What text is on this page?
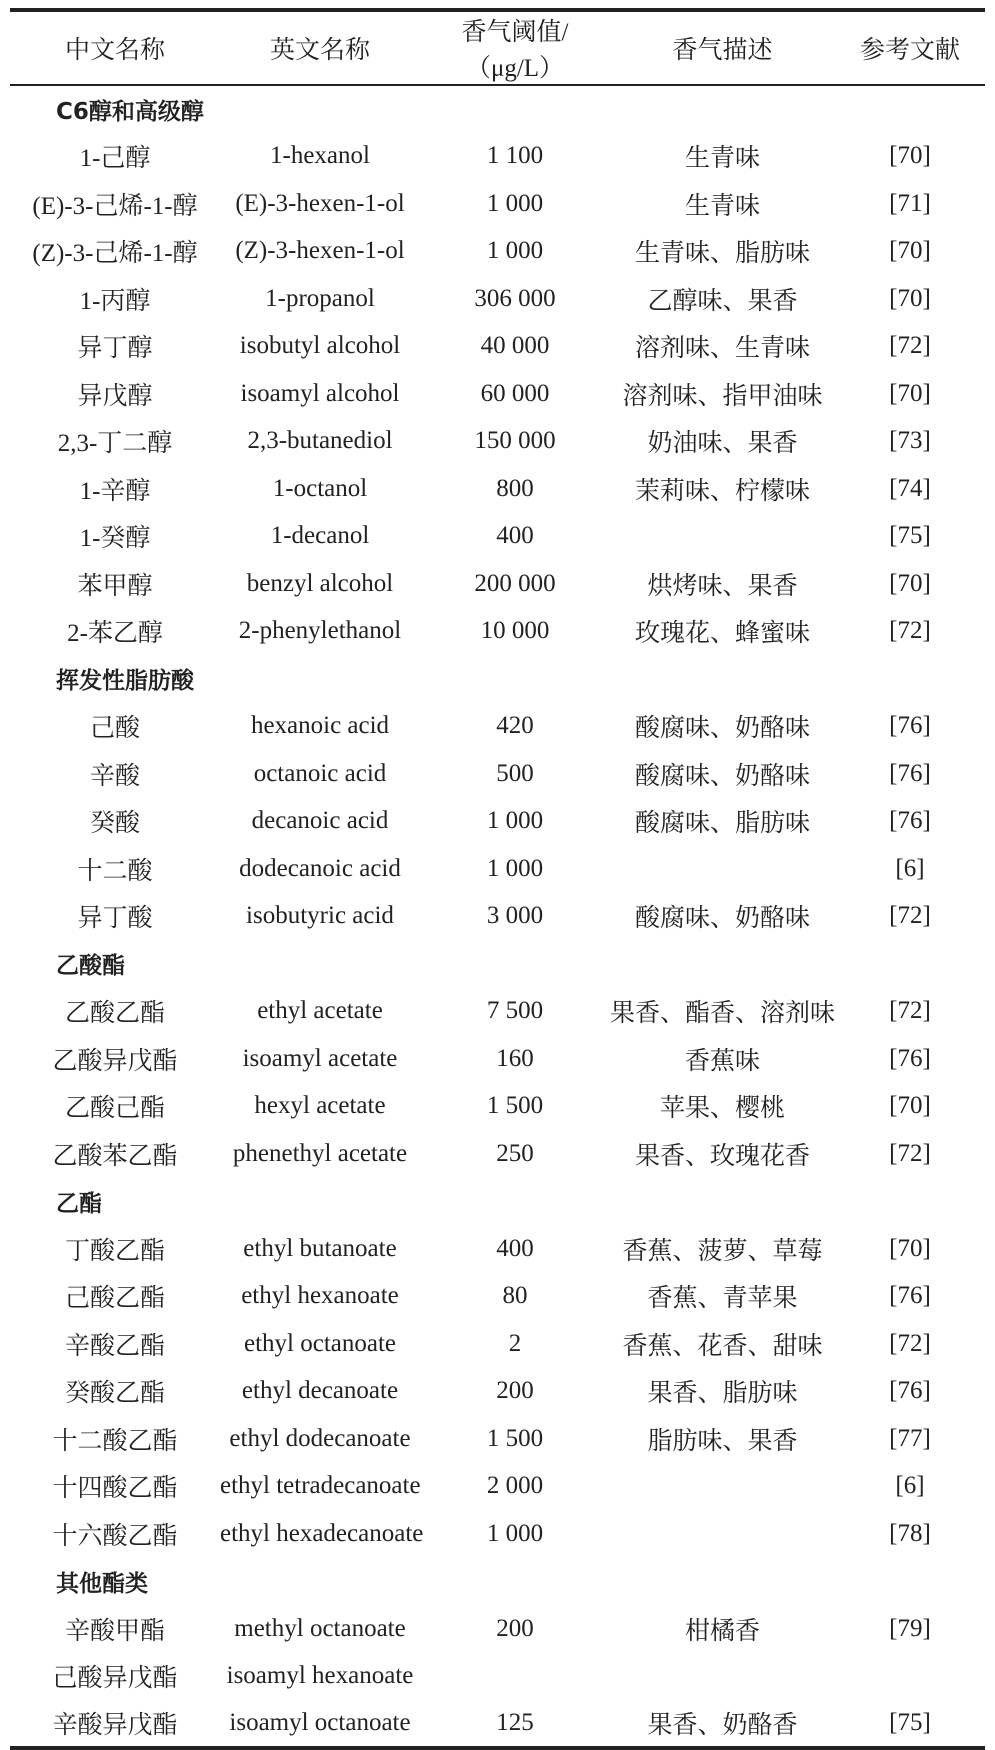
中文名称	英文名称	香气阈值/（μg/L）	香气描述	参考文献
C6醇和高级醇				
1-己醇	1-hexanol	1 100	生青味	[70]
(E)-3-己烯-1-醇	(E)-3-hexen-1-ol	1 000	生青味	[71]
(Z)-3-己烯-1-醇	(Z)-3-hexen-1-ol	1 000	生青味、脂肪味	[70]
1-丙醇	1-propanol	306 000	乙醇味、果香	[70]
异丁醇	isobutyl alcohol	40 000	溶剂味、生青味	[72]
异戊醇	isoamyl alcohol	60 000	溶剂味、指甲油味	[70]
2,3-丁二醇	2,3-butanediol	150 000	奶油味、果香	[73]
1-辛醇	1-octanol	800	茉莉味、柠檬味	[74]
1-癸醇	1-decanol	400		[75]
苯甲醇	benzyl alcohol	200 000	烘烤味、果香	[70]
2-苯乙醇	2-phenylethanol	10 000	玫瑰花、蜂蜜味	[72]
挥发性脂肪酸				
己酸	hexanoic acid	420	酸腐味、奶酪味	[76]
辛酸	octanoic acid	500	酸腐味、奶酪味	[76]
癸酸	decanoic acid	1 000	酸腐味、脂肪味	[76]
十二酸	dodecanoic acid	1 000		[6]
异丁酸	isobutyric acid	3 000	酸腐味、奶酪味	[72]
乙酸酯				
乙酸乙酯	ethyl acetate	7 500	果香、酯香、溶剂味	[72]
乙酸异戊酯	isoamyl acetate	160	香蕉味	[76]
乙酸己酯	hexyl acetate	1 500	苹果、樱桃	[70]
乙酸苯乙酯	phenethyl acetate	250	果香、玫瑰花香	[72]
乙酯				
丁酸乙酯	ethyl butanoate	400	香蕉、菠萝、草莓	[70]
己酸乙酯	ethyl hexanoate	80	香蕉、青苹果	[76]
辛酸乙酯	ethyl octanoate	2	香蕉、花香、甜味	[72]
癸酸乙酯	ethyl decanoate	200	果香、脂肪味	[76]
十二酸乙酯	ethyl dodecanoate	1 500	脂肪味、果香	[77]
十四酸乙酯	ethyl tetradecanoate	2 000		[6]
十六酸乙酯	ethyl hexadecanoate	1 000		[78]
其他酯类				
辛酸甲酯	methyl octanoate	200	柑橘香	[79]
己酸异戊酯	isoamyl hexanoate			
辛酸异戊酯	isoamyl octanoate	125	果香、奶酪香	[75]
